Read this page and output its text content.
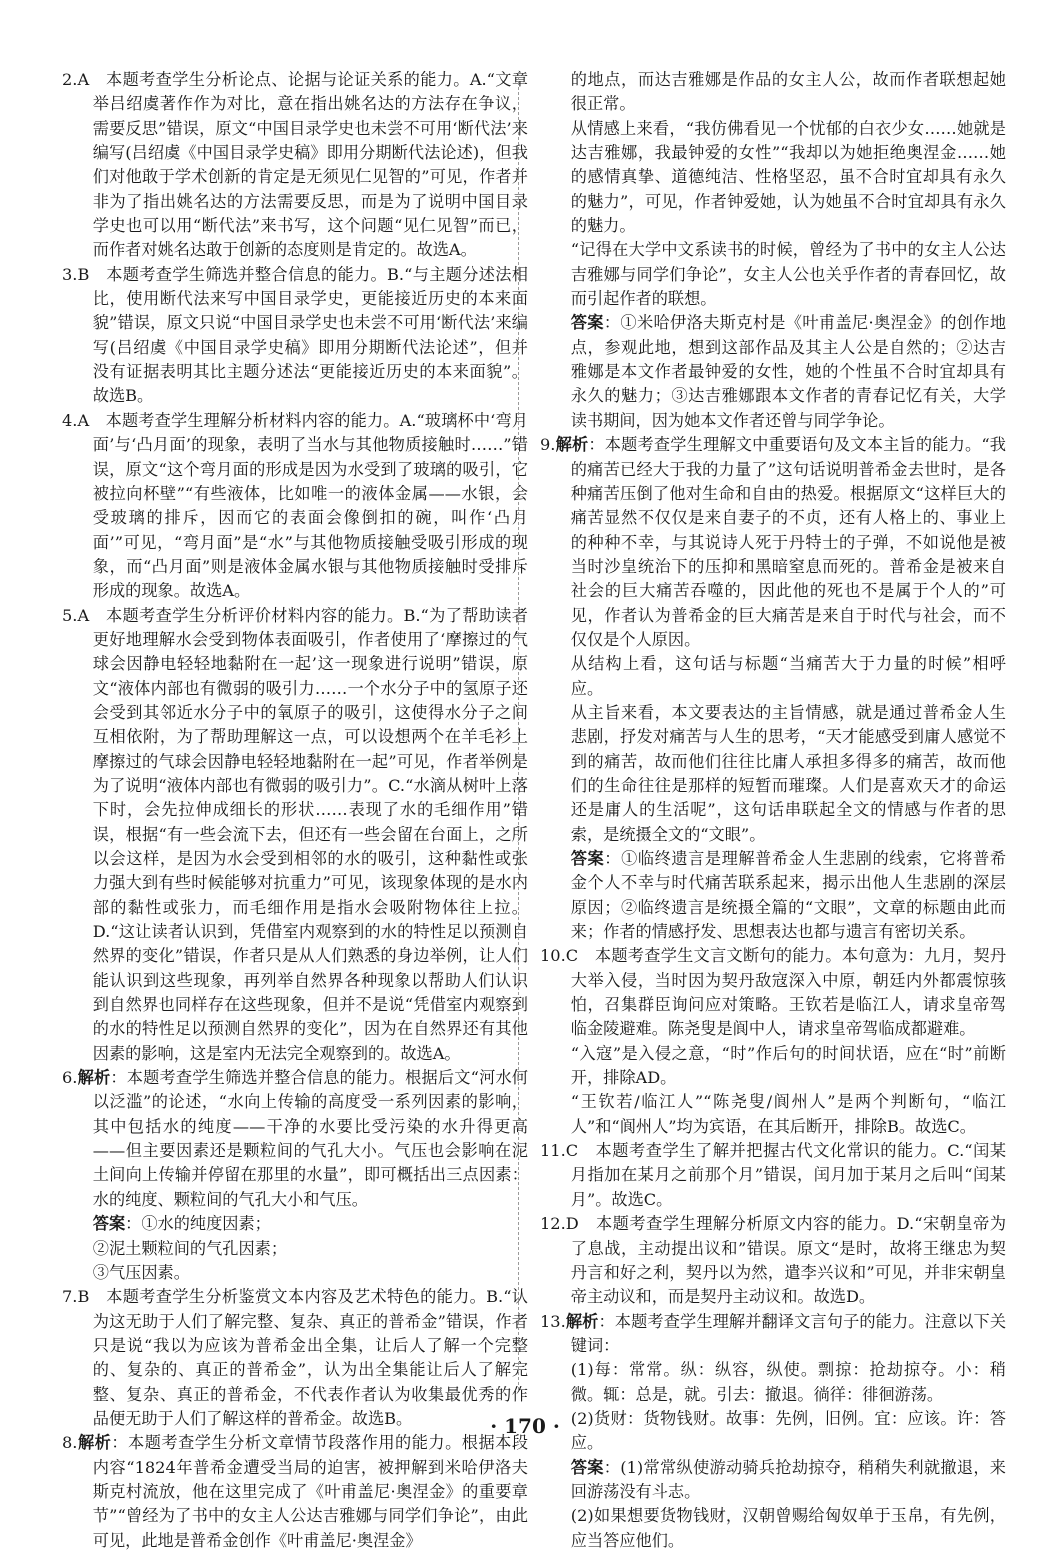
2.A　 本题考查学生分析论点、论据与论证关系的能力。A.“文章举吕绍虞著作作为对比，意在指出姚名达的方法存在争议，需要反思”错误，原文“中国目录学史也未尝不可用‘断代法’来编写(吕绍虞《中国目录学史稿》即用分期断代法论述)，但我们对他敢于学术创新的肯定是无须见仁见智的”可见，作者并非为了指出姚名达的方法需要反思，而是为了说明中国目录学史也可以用“断代法”来书写，这个问题“见仁见智”而已，而作者对姚名达敢于创新的态度则是肯定的。故选A。

3.B　 本题考查学生筛选并整合信息的能力。B.“与主题分述法相比，使用断代法来写中国目录学史，更能接近历史的本来面貌”错误，原文只说“中国目录学史也未尝不可用‘断代法’来编写(吕绍虞《中国目录学史稿》即用分期断代法论述”，但并没有证据表明其比主题分述法“更能接近历史的本来面貌”。故选B。

4.A　 本题考查学生理解分析材料内容的能力。A.“玻璃杯中‘弯月面’与‘凸月面’的现象，表明了当水与其他物质接触时……”错误，原文“这个弯月面的形成是因为水受到了玻璃的吸引，它被拉向杯壁”“有些液体，比如唯一的液体金属——水银，会受玻璃的排斥，因而它的表面会像倒扣的碗，叫作‘凸月面’”可见，“弯月面”是“水”与其他物质接触受吸引形成的现象，而“凸月面”则是液体金属水银与其他物质接触时受排斥形成的现象。故选A。

5.A　 本题考查学生分析评价材料内容的能力。B.“为了帮助读者更好地理解水会受到物体表面吸引，作者使用了‘摩擦过的气球会因静电轻轻地黏附在一起’这一现象进行说明”错误，原文“液体内部也有微弱的吸引力……一个水分子中的氢原子还会受到其邻近水分子中的氧原子的吸引，这使得水分子之间互相依附，为了帮助理解这一点，可以设想两个在羊毛衫上摩擦过的气球会因静电轻轻地黏附在一起”可见，作者举例是为了说明“液体内部也有微弱的吸引力”。C.“水滴从树叶上落下时，会先拉伸成细长的形状……表现了水的毛细作用”错误，根据“有一些会流下去，但还有一些会留在台面上，之所以会这样，是因为水会受到相邻的水的吸引，这种黏性或张力强大到有些时候能够对抗重力”可见，该现象体现的是水内部的黏性或张力，而毛细作用是指水会吸附物体往上拉。D.“这让读者认识到，凭借室内观察到的水的特性足以预测自然界的变化”错误，作者只是从人们熟悉的身边举例，让人们能认识到这些现象，再列举自然界各种现象以帮助人们认识到自然界也同样存在这些现象，但并不是说“凭借室内观察到的水的特性足以预测自然界的变化”，因为在自然界还有其他因素的影响，这是室内无法完全观察到的。故选A。

6.解析：本题考查学生筛选并整合信息的能力。根据后文“河水何以泛滥”的论述，“水向上传输的高度受一系列因素的影响，其中包括水的纯度——干净的水要比受污染的水升得更高——但主要因素还是颗粒间的气孔大小。气压也会影响在泥土间向上传输并停留在那里的水量”，即可概括出三点因素：水的纯度、颗粒间的气孔大小和气压。

答案：①水的纯度因素；

②泥土颗粒间的气孔因素；

③气压因素。

7.B　 本题考查学生分析鉴赏文本内容及艺术特色的能力。B.“认为这无助于人们了解完整、复杂、真正的普希金”错误，作者只是说“我以为应该为普希金出全集，让后人了解一个完整的、复杂的、真正的普希金”，认为出全集能让后人了解完整、复杂、真正的普希金，不代表作者认为收集最优秀的作品便无助于人们了解这样的普希金。故选B。

8.解析：本题考查学生分析文章情节段落作用的能力。根据本段内容“1824年普希金遭受当局的迫害，被押解到米哈伊洛夫斯克村流放，他在这里完成了《叶甫盖尼·奥涅金》的重要章节”“曾经为了书中的女主人公达吉雅娜与同学们争论”，由此可见，此地是普希金创作《叶甫盖尼·奥涅金》

的地点，而达吉雅娜是作品的女主人公，故而作者联想起她很正常。

从情感上来看，“我仿佛看见一个忧郁的白衣少女……她就是达吉雅娜，我最钟爱的女性”“我却以为她拒绝奥涅金……她的感情真挚、道德纯洁、性格坚忍，虽不合时宜却具有永久的魅力”，可见，作者钟爱她，认为她虽不合时宜却具有永久的魅力。

“记得在大学中文系读书的时候，曾经为了书中的女主人公达吉雅娜与同学们争论”，女主人公也关乎作者的青春回忆，故而引起作者的联想。

答案：①米哈伊洛夫斯克村是《叶甫盖尼·奥涅金》的创作地点，参观此地，想到这部作品及其主人公是自然的；②达吉雅娜是本文作者最钟爱的女性，她的个性虽不合时宜却具有永久的魅力；③达吉雅娜跟本文作者的青春记忆有关，大学读书期间，因为她本文作者还曾与同学争论。

9.解析：本题考查学生理解文中重要语句及文本主旨的能力。“我的痛苦已经大于我的力量了”这句话说明普希金去世时，是各种痛苦压倒了他对生命和自由的热爱。根据原文“这样巨大的痛苦显然不仅仅是来自妻子的不贞，还有人格上的、事业上的种种不幸，与其说诗人死于丹特士的子弹，不如说他是被当时沙皇统治下的压抑和黑暗窒息而死的。普希金是被来自社会的巨大痛苦吞噬的，因此他的死也不是属于个人的”可见，作者认为普希金的巨大痛苦是来自于时代与社会，而不仅仅是个人原因。

从结构上看，这句话与标题“当痛苦大于力量的时候”相呼应。

从主旨来看，本文要表达的主旨情感，就是通过普希金人生悲剧，抒发对痛苦与人生的思考，“天才能感受到庸人感觉不到的痛苦，故而他们往往比庸人承担多得多的痛苦，故而他们的生命往往是那样的短暂而璀璨。人们是喜欢天才的命运还是庸人的生活呢”，这句话串联起全文的情感与作者的思索，是统摄全文的“文眼”。

答案：①临终遗言是理解普希金人生悲剧的线索，它将普希金个人不幸与时代痛苦联系起来，揭示出他人生悲剧的深层原因；②临终遗言是统摄全篇的“文眼”，文章的标题由此而来；作者的情感抒发、思想表达也都与遗言有密切关系。

10.C　 本题考查学生文言文断句的能力。本句意为：九月，契丹大举入侵，当时因为契丹敌寇深入中原，朝廷内外都震惊骇怕，召集群臣询问应对策略。王钦若是临江人，请求皇帝驾临金陵避难。陈尧叟是阆中人，请求皇帝驾临成都避难。

“入寇”是入侵之意，“时”作后句的时间状语，应在“时”前断开，排除AD。

“王钦若/临江人”“陈尧叟/阆州人”是两个判断句，“临江人”和“阆州人”均为宾语，在其后断开，排除B。故选C。

11.C　 本题考查学生了解并把握古代文化常识的能力。C.“闰某月指加在某月之前那个月”错误，闰月加于某月之后叫“闰某月”。故选C。

12.D　 本题考查学生理解分析原文内容的能力。D.“宋朝皇帝为了息战，主动提出议和”错误。原文“是时，故将王继忠为契丹言和好之利，契丹以为然，遣李兴议和”可见，并非宋朝皇帝主动议和，而是契丹主动议和。故选D。

13.解析：本题考查学生理解并翻译文言句子的能力。注意以下关键词：

(1)每：常常。纵：纵容，纵使。剽掠：抢劫掠夺。小：稍微。辄：总是，就。引去：撤退。徜徉：徘徊游荡。

(2)货财：货物钱财。故事：先例，旧例。宜：应该。许：答应。

答案：(1)常常纵使游动骑兵抢劫掠夺，稍稍失利就撤退，来回游荡没有斗志。

(2)如果想要货物钱财，汉朝曾赐给匈奴单于玉帛，有先例，应当答应他们。

· 170 ·
